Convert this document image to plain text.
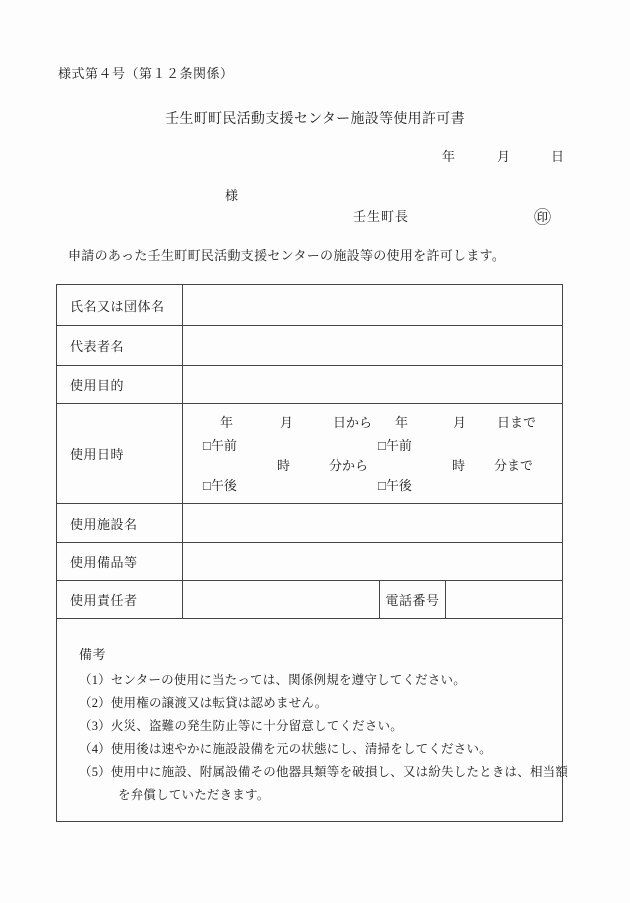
様式第４号（第１２条関係）
壬生町町民活動支援センター施設等使用許可書
年	月	日
様
壬生町長	㊞
申請のあった壬生町町民活動支援センターの施設等の使用を許可します。
氏名又は団体名			
代表者名			
使用目的			
使用日時	
年	月	日から 年	月 日まで
□午前	□午前
時	分から	時 分まで
□午後	□午後

使用施設名			
使用備品等			
使用責任者		電話番号	

備考
（1）センターの使用に当たっては、関係例規を遵守してください。
（2）使用権の譲渡又は転貸は認めません。
（3）火災、盗難の発生防止等に十分留意してください。
（4）使用後は速やかに施設設備を元の状態にし、清掃をしてください。
（5）使用中に施設、附属設備その他器具類等を破損し、又は紛失したときは、相当額
を弁償していただきます。
